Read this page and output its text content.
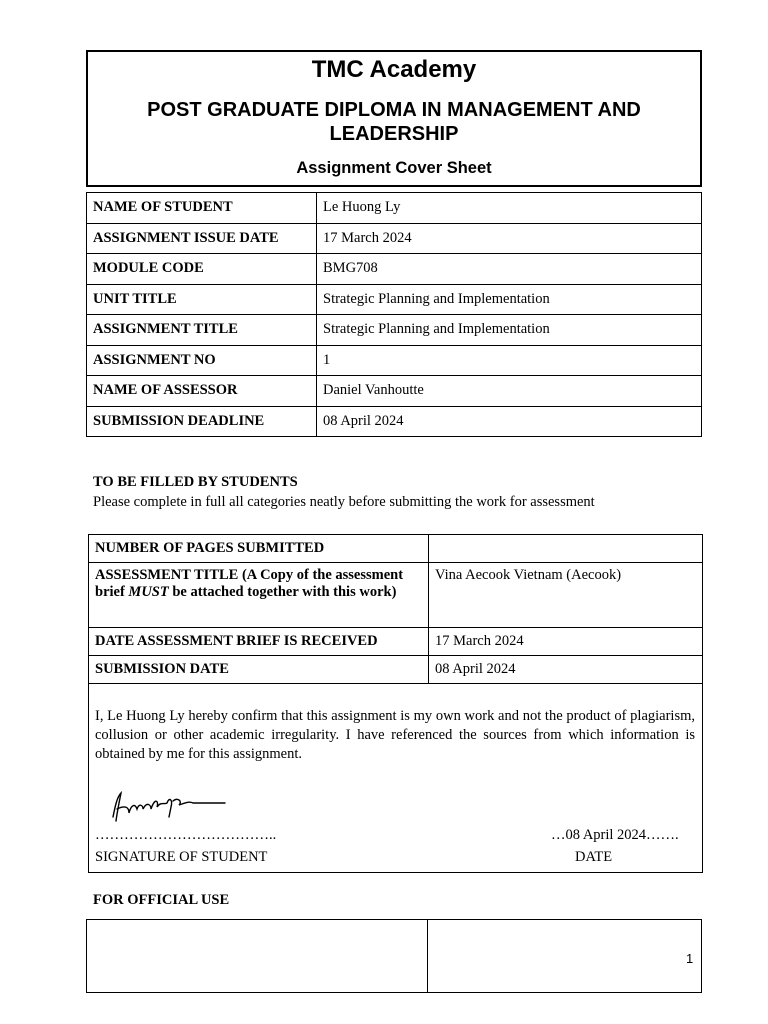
TMC Academy
POST GRADUATE DIPLOMA IN MANAGEMENT AND LEADERSHIP
Assignment Cover Sheet
NAME OF STUDENT	Le Huong Ly
ASSIGNMENT ISSUE DATE	17 March 2024
MODULE CODE	BMG708
UNIT TITLE	Strategic Planning and Implementation
ASSIGNMENT TITLE	Strategic Planning and Implementation
ASSIGNMENT NO	1
NAME OF ASSESSOR	Daniel Vanhoutte
SUBMISSION DEADLINE	08 April 2024
TO BE FILLED BY STUDENTS
Please complete in full all categories neatly before submitting the work for assessment
NUMBER OF PAGES SUBMITTED	
ASSESSMENT TITLE (A Copy of the assessment brief MUST be attached together with this work)	Vina Aecook Vietnam (Aecook)
DATE ASSESSMENT BRIEF IS RECEIVED	17 March 2024
SUBMISSION DATE	08 April 2024
I, Le Huong Ly hereby confirm that this assignment is my own work and not the product of plagiarism, collusion or other academic irregularity. I have referenced the sources from which information is obtained by me for this assignment.
………………………………..	…08 April 2024…….
SIGNATURE OF STUDENT	DATE
FOR OFFICIAL USE
1
